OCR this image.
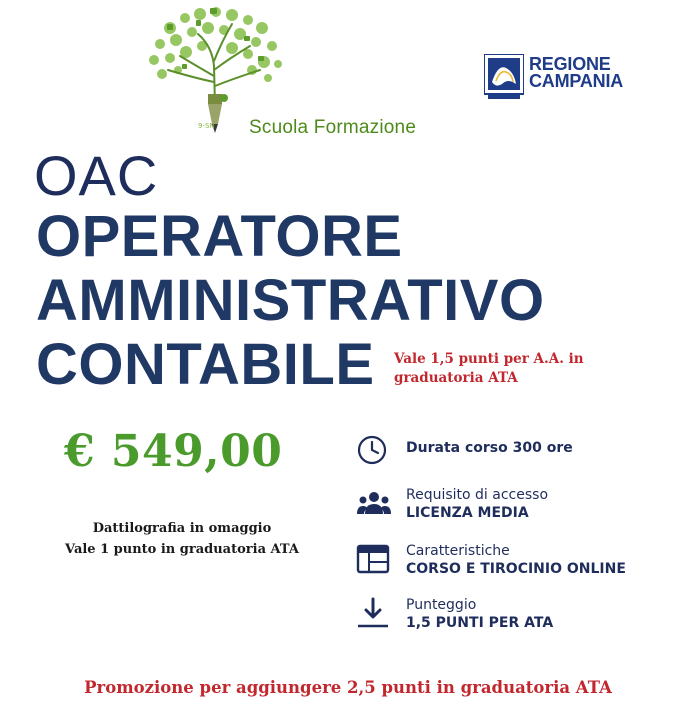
9-SN Scuola Formazione
REGIONE
CAMPANIA
OAC
OPERATORE
AMMINISTRATIVO
CONTABILE Vale 1,5 punti per A.A. in
graduatoria ATA
€ 549,00
Dattilografia in omaggio
Vale 1 punto in graduatoria ATA
Durata corso 300 ore
Requisito di accesso
LICENZA MEDIA
Caratteristiche
CORSO E TIROCINIO ONLINE
Punteggio
1,5 PUNTI PER ATA
Promozione per aggiungere 2,5 punti in graduatoria ATA
